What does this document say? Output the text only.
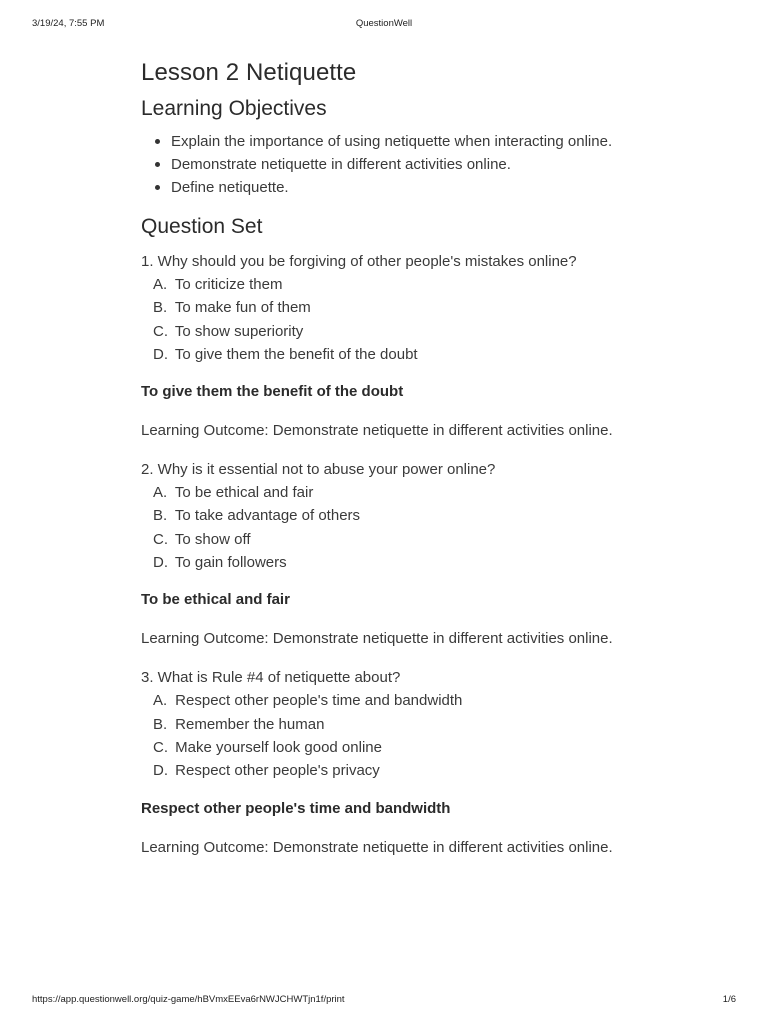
3/19/24, 7:55 PM	QuestionWell
Lesson 2 Netiquette
Learning Objectives
Explain the importance of using netiquette when interacting online.
Demonstrate netiquette in different activities online.
Define netiquette.
Question Set
1. Why should you be forgiving of other people's mistakes online?
A. To criticize them
B. To make fun of them
C. To show superiority
D. To give them the benefit of the doubt
To give them the benefit of the doubt
Learning Outcome: Demonstrate netiquette in different activities online.
2. Why is it essential not to abuse your power online?
A. To be ethical and fair
B. To take advantage of others
C. To show off
D. To gain followers
To be ethical and fair
Learning Outcome: Demonstrate netiquette in different activities online.
3. What is Rule #4 of netiquette about?
A. Respect other people's time and bandwidth
B. Remember the human
C. Make yourself look good online
D. Respect other people's privacy
Respect other people's time and bandwidth
Learning Outcome: Demonstrate netiquette in different activities online.
https://app.questionwell.org/quiz-game/hBVmxEEva6rNWJCHWTjn1f/print	1/6
